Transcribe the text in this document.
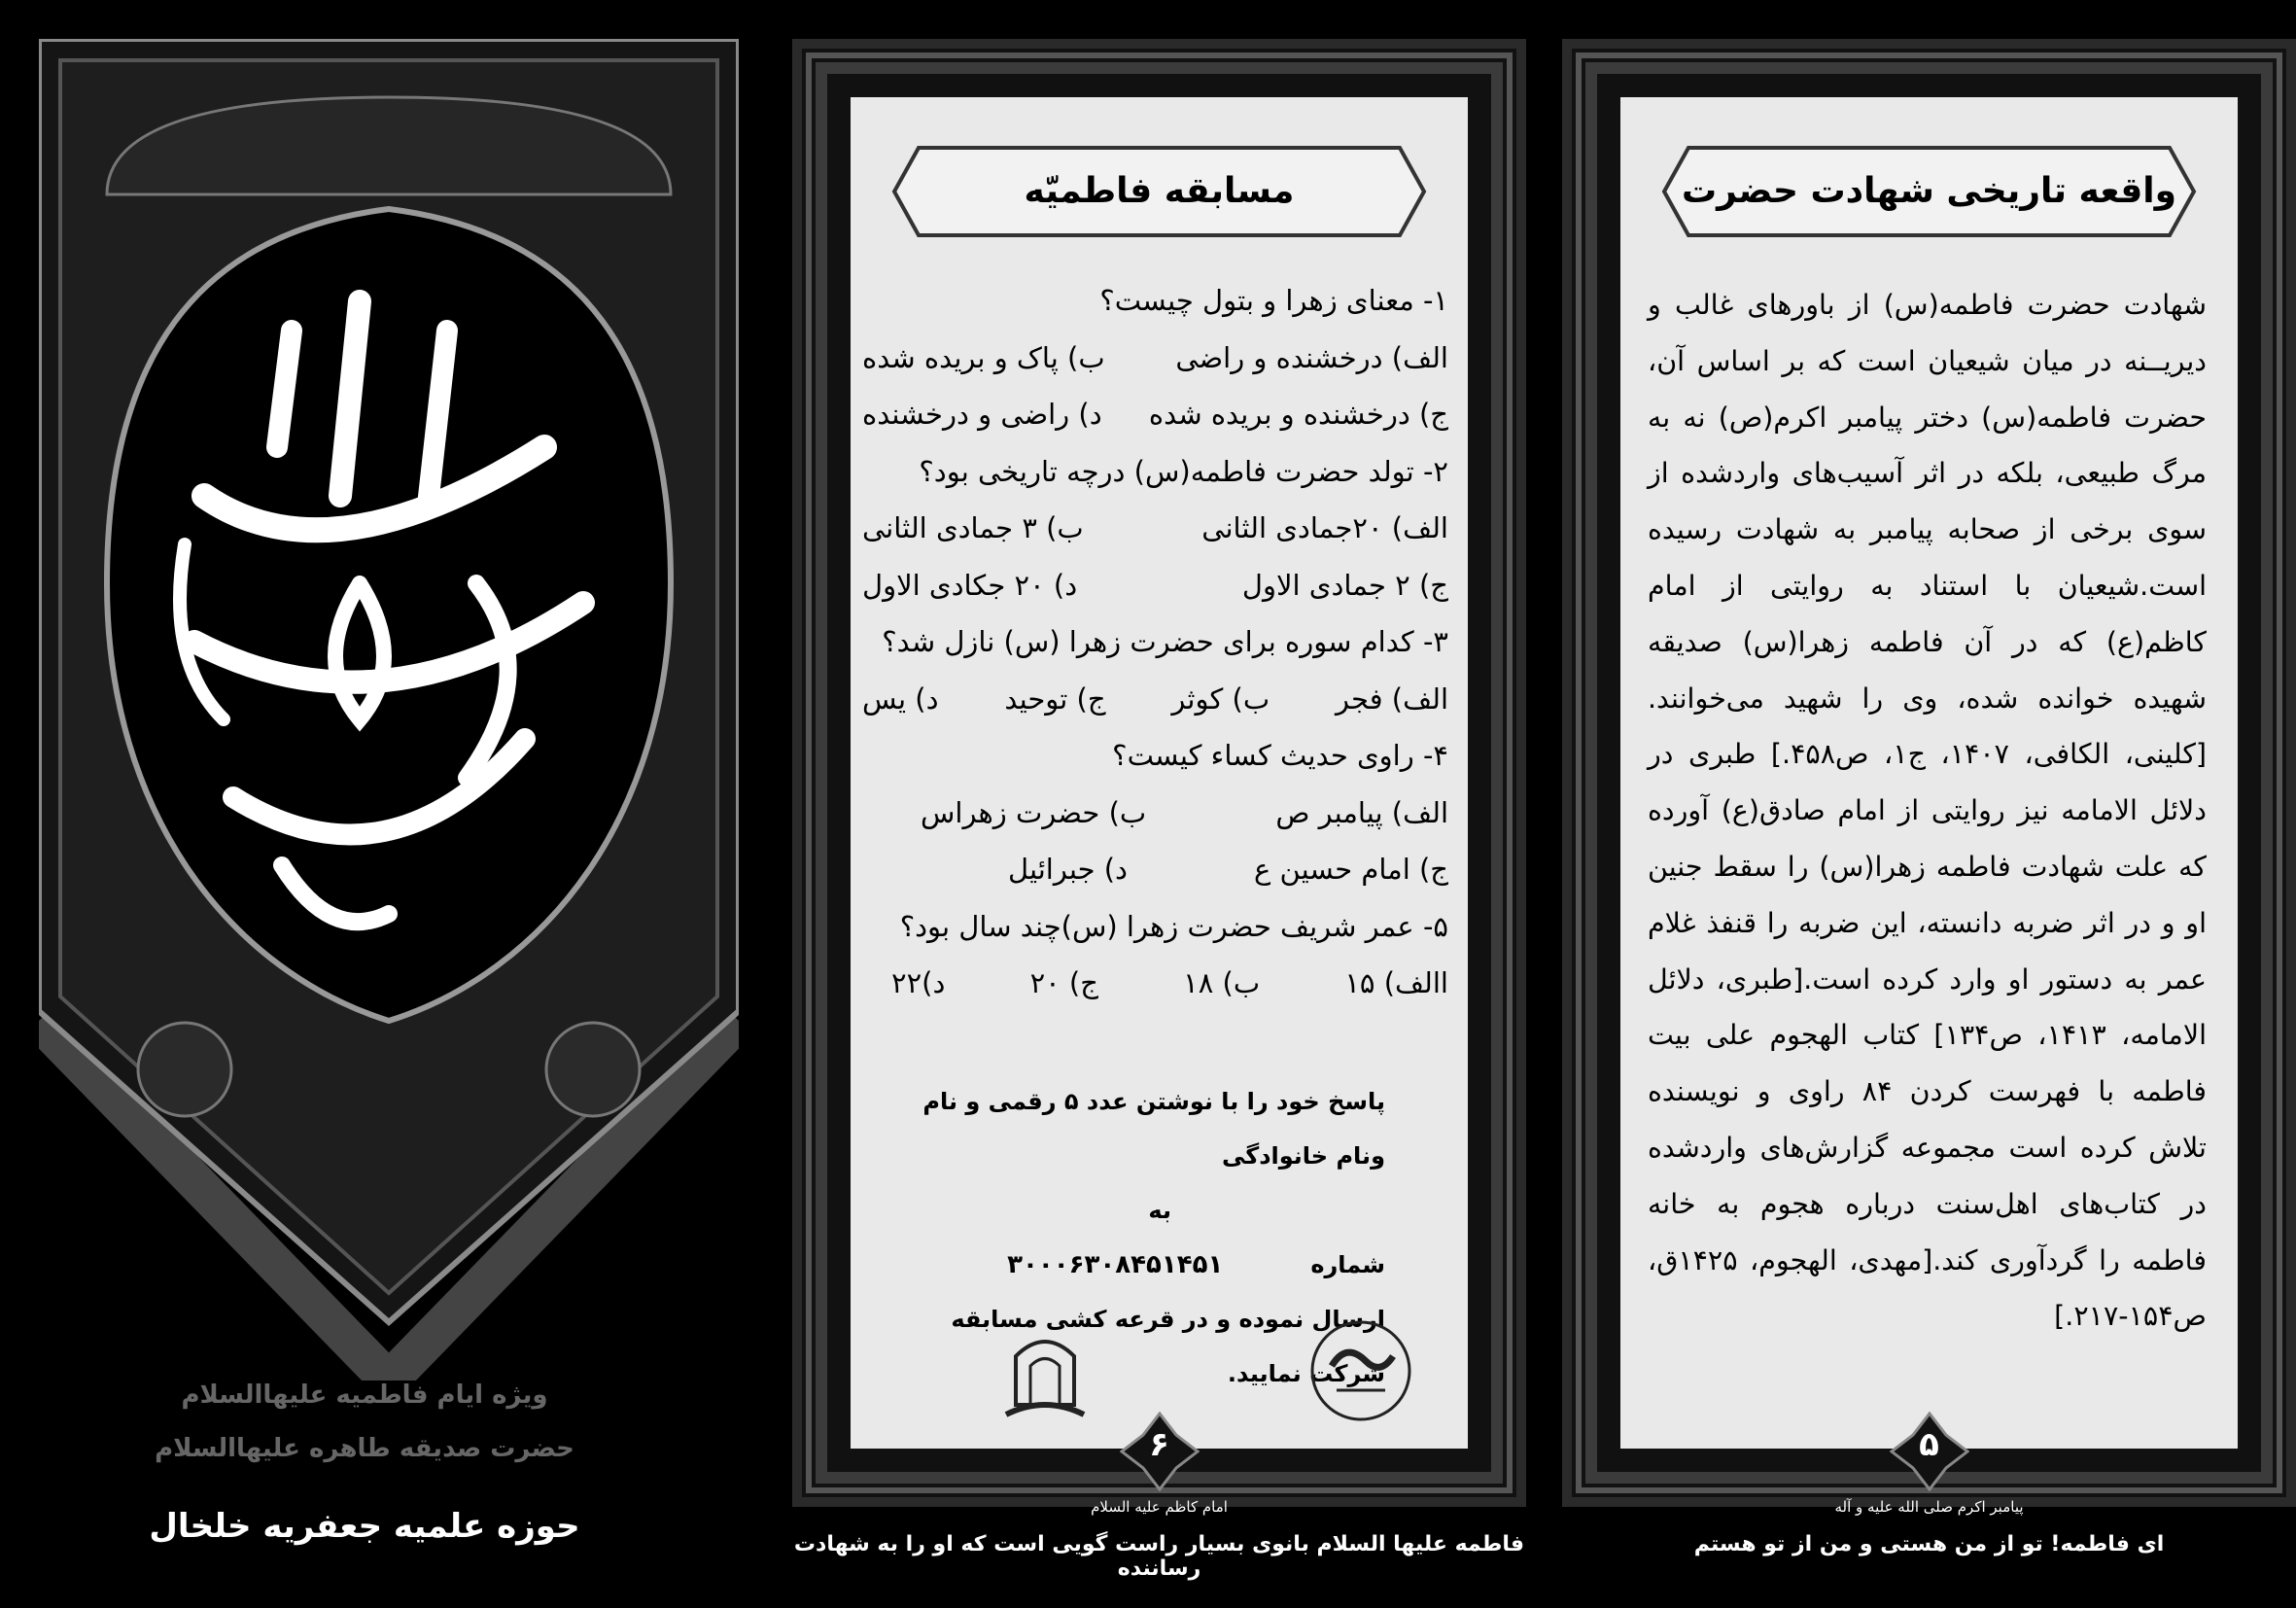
ویژه ایام فاطمیه علیهاالسلام
حضرت صدیقه طاهره علیهاالسلام
حوزه علمیه جعفریه خلخال
مسابقه فاطمیّه
۱- معنای زهرا و بتول چیست؟
الف) درخشنده و راضی
ب) پاک و بریده شده
ج) درخشنده و بریده شده
د) راضی و درخشنده
۲- تولد حضرت فاطمه(س) درچه تاریخی بود؟
الف) ۲۰جمادی الثانی
ب) ۳ جمادی الثانی
ج) ۲ جمادی الاول
د) ۲۰ جکادی الاول
۳- کدام سوره برای حضرت زهرا (س) نازل شد؟
الف) فجر
ب) کوثر
ج) توحید
د) یس
۴- راوی حدیث کساء کیست؟
الف) پیامبر ص
ب) حضرت زهراس
ج) امام حسین ع
د) جبرائیل
۵- عمر شریف حضرت زهرا (س)چند سال بود؟
االف) ۱۵
ب) ۱۸
ج) ۲۰
د)۲۲
پاسخ خود را با نوشتن عدد ۵ رقمی و نام ونام خانوادگی
به شماره۳۰۰۰۶۳۰۸۴۵۱۴۵۱
ارسال نموده و در قرعه کشی مسابقه شرکت نمایید.
۶
امام کاظم علیه السلام
فاطمه علیها السلام بانوی بسیار راست گویی است که او را به شهادت رساننده
واقعه تاریخی شهادت حضرت
شهادت حضرت فاطمه(س) از باورهای غالب و دیریــنه در میان شیعیان است که بر اساس آن، حضرت فاطمه(س) دختر پیامبر اکرم(ص) نه به مرگ طبیعی، بلکه در اثر آسیب‌های واردشده از سوی برخی از صحابه پیامبر به شهادت رسیده است.شیعیان با استناد به روایتی از امام کاظم(ع) که در آن فاطمه زهرا(س) صدیقه شهیده خوانده شده، وی را شهید می‌خوانند.[کلینی، الکافی، ۱۴۰۷، ج۱، ص۴۵۸.] طبری در دلائل الامامه نیز روایتی از امام صادق(ع) آورده که علت شهادت فاطمه زهرا(س) را سقط جنین او و در اثر ضربه دانسته، این ضربه را قنفذ غلام عمر به دستور او وارد کرده است.[طبری، دلائل الامامه، ۱۴۱۳، ص۱۳۴] کتاب الهجوم علی بیت فاطمه با فهرست کردن ۸۴ راوی و نویسنده تلاش کرده است مجموعه گزارش‌های واردشده در کتاب‌های اهل‌سنت درباره هجوم به خانه فاطمه را گردآوری کند.[مهدی، الهجوم، ۱۴۲۵ق، ص۱۵۴-۲۱۷.]
۵
پیامبر اکرم صلی الله علیه و آله
ای فاطمه! تو از من هستی و من از تو هستم
